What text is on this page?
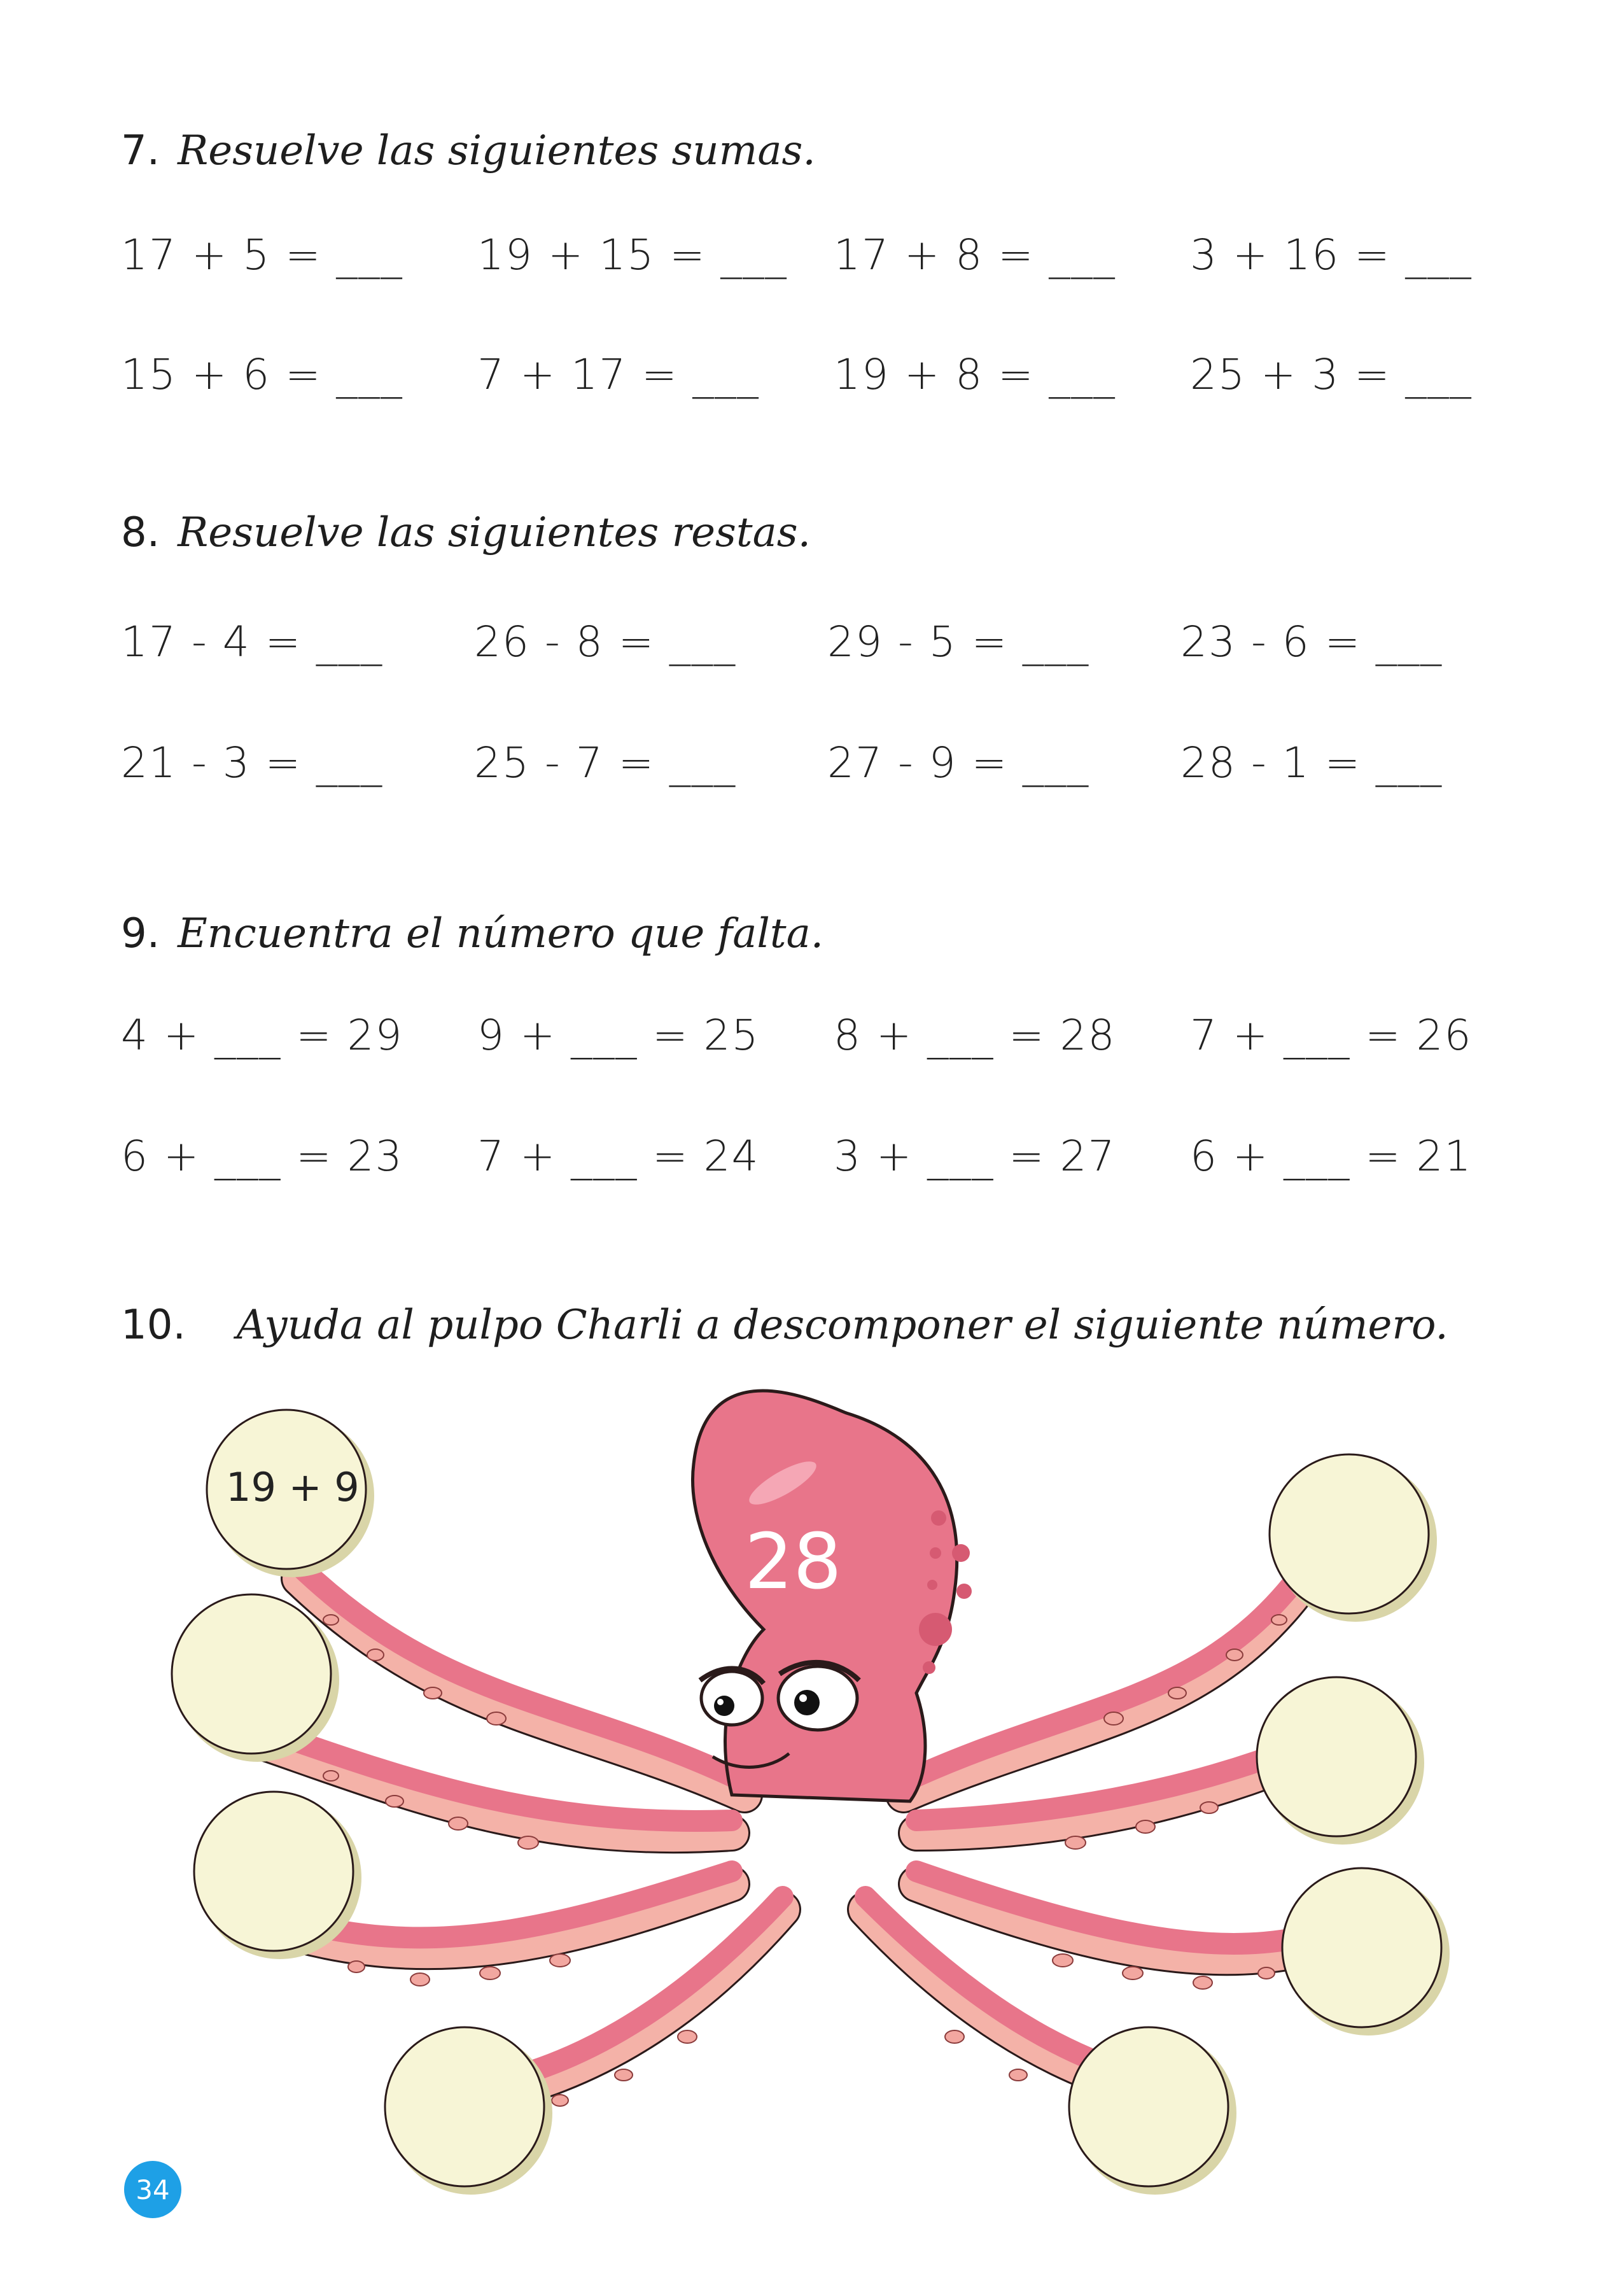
7. Resuelve las siguientes sumas.
17 + 5 = ___ 19 + 15 = ___ 17 + 8 = ___ 3 + 16 = ___
15 + 6 = ___ 7 + 17 = ___ 19 + 8 = ___ 25 + 3 = ___
8. Resuelve las siguientes restas.
17 - 4 = ___ 26 - 8 = ___ 29 - 5 = ___ 23 - 6 = ___
21 - 3 = ___ 25 - 7 = ___ 27 - 9 = ___ 28 - 1 = ___
9. Encuentra el número que falta.
4 + ___ = 29 9 + ___ = 25 8 + ___ = 28 7 + ___ = 26
6 + ___ = 23 7 + ___ = 24 3 + ___ = 27 6 + ___ = 21
10. Ayuda al pulpo Charli a descomponer el siguiente número.
28
19 + 9
34
